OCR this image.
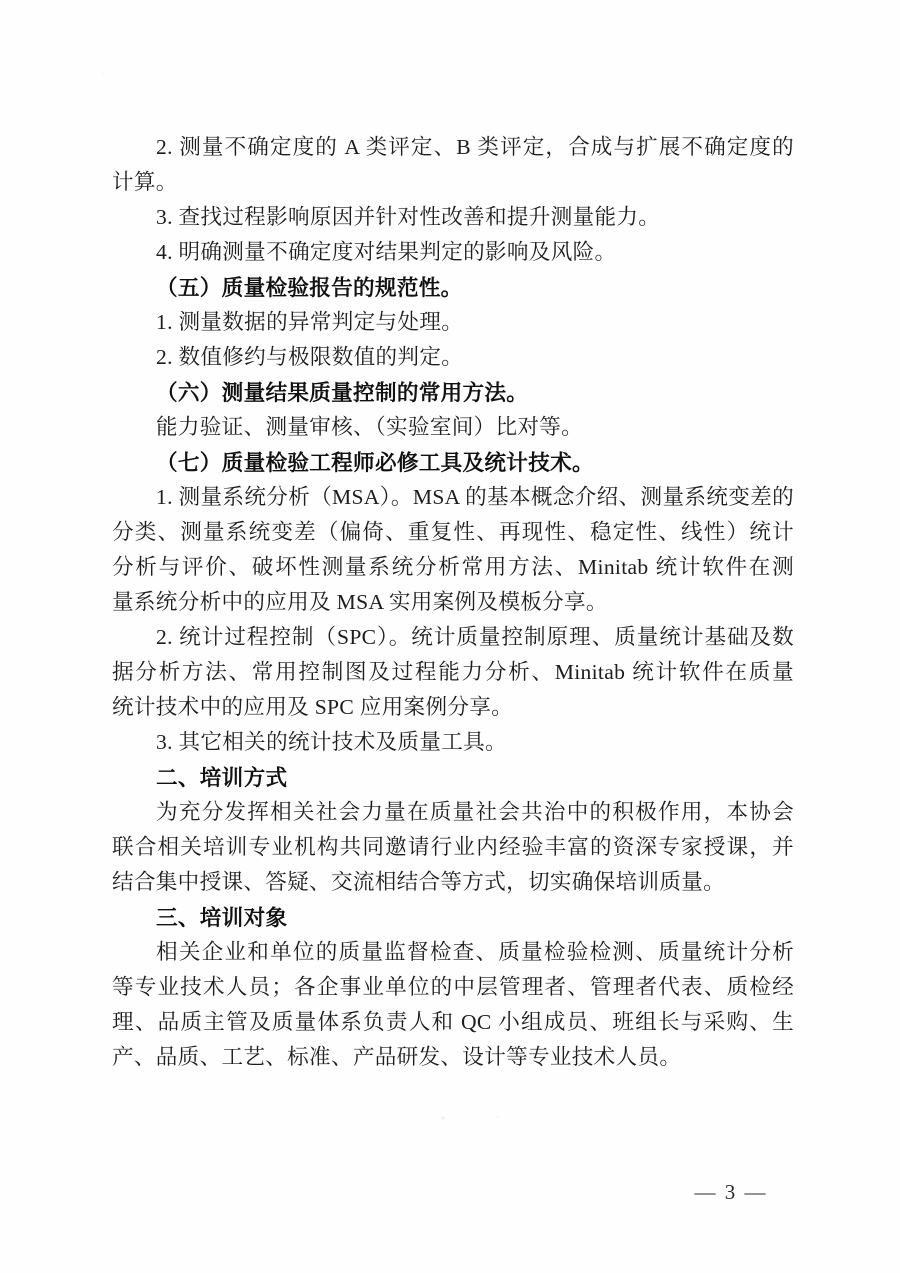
2. 测量不确定度的 A 类评定、B 类评定，合成与扩展不确定度的
计算。
3. 查找过程影响原因并针对性改善和提升测量能力。
4. 明确测量不确定度对结果判定的影响及风险。
（五）质量检验报告的规范性。
1. 测量数据的异常判定与处理。
2. 数值修约与极限数值的判定。
（六）测量结果质量控制的常用方法。
能力验证、测量审核、（实验室间）比对等。
（七）质量检验工程师必修工具及统计技术。
1. 测量系统分析（MSA）。MSA 的基本概念介绍、测量系统变差的
分类、测量系统变差（偏倚、重复性、再现性、稳定性、线性）统计
分析与评价、破坏性测量系统分析常用方法、Minitab 统计软件在测
量系统分析中的应用及 MSA 实用案例及模板分享。
2. 统计过程控制（SPC）。统计质量控制原理、质量统计基础及数
据分析方法、常用控制图及过程能力分析、Minitab 统计软件在质量
统计技术中的应用及 SPC 应用案例分享。
3. 其它相关的统计技术及质量工具。
二、培训方式
为充分发挥相关社会力量在质量社会共治中的积极作用，本协会
联合相关培训专业机构共同邀请行业内经验丰富的资深专家授课，并
结合集中授课、答疑、交流相结合等方式，切实确保培训质量。
三、培训对象
相关企业和单位的质量监督检查、质量检验检测、质量统计分析
等专业技术人员；各企事业单位的中层管理者、管理者代表、质检经
理、品质主管及质量体系负责人和 QC 小组成员、班组长与采购、生
产、品质、工艺、标准、产品研发、设计等专业技术人员。
— 3 —
